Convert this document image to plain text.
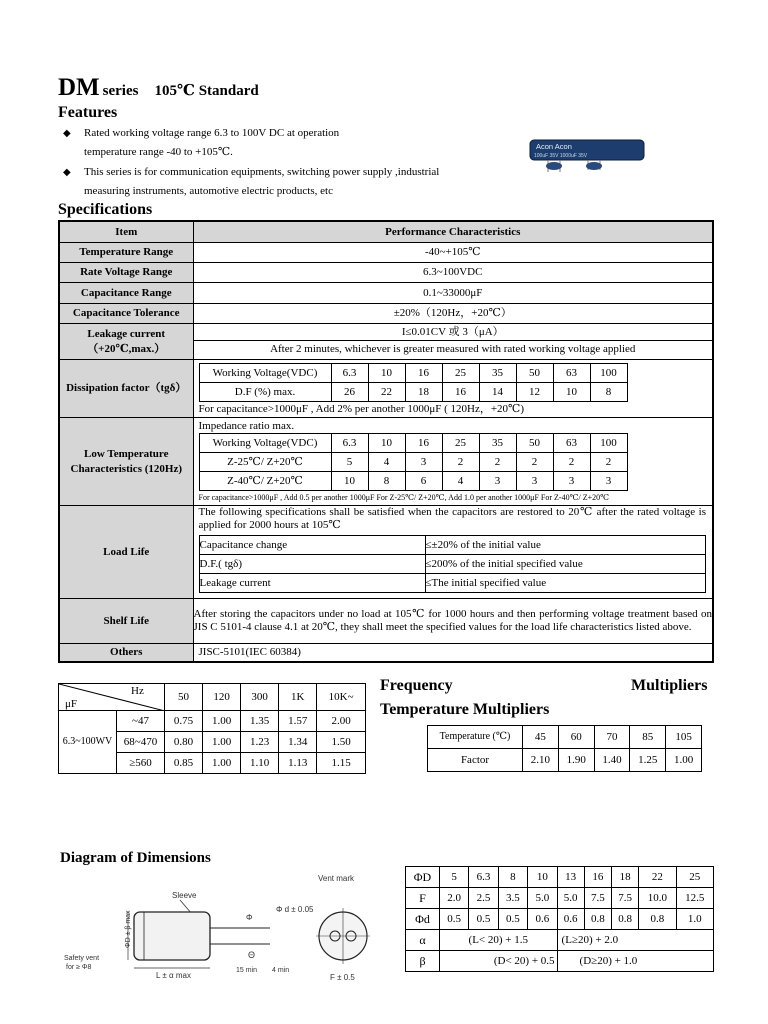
DM series 105℃ Standard
Features
◆ Rated working voltage range 6.3 to 100V DC at operation
temperature range -40 to +105℃.
◆ This series is for communication equipments, switching power supply ,industrial
measuring instruments, automotive electric products, etc
Acon Acon
100uF 35V 1000uF 35V
Specifications
Item	Performance Characteristics
Temperature Range	-40~+105℃
Rate Voltage Range	6.3~100VDC
Capacitance Range	0.1~33000μF
Capacitance Tolerance	±20%（120Hz，+20℃）

Leakage current
（+20℃,max.）

I≤0.01CV 或 3（μA）
After 2 minutes, whichever is greater measured with rated working voltage applied

Dissipation factor（tgδ）	
Working Voltage(VDC)	6.3	10	16	25	35	50	63	100
D.F (%) max.	26	22	18	16	14	12	10	8
For capacitance>1000μF , Add 2% per another 1000μF ( 120Hz，+20℃)

Low Temperature
Characteristics (120Hz)

Impedance ratio max.
Working Voltage(VDC)	6.3	10	16	25	35	50	63	100
Z-25℃/ Z+20℃	5	4	3	2	2	2	2	2
Z-40℃/ Z+20℃	10	8	6	4	3	3	3	3
For capacitance>1000μF , Add 0.5 per another 1000μF For Z-25℃/ Z+20℃, Add 1.0 per another 1000μF For Z-40℃/ Z+20℃

Load Life	
The following specifications shall be satisfied when the capacitors are restored to 20℃ after the rated voltage is applied for 2000 hours at 105℃
Capacitance change	≤±20% of the initial value
D.F.( tgδ)	≤200% of the initial specified value
Leakage current	≤The initial specified value

Shelf Life	After storing the capacitors under no load at 105℃ for 1000 hours and then performing voltage treatment based on JIS C 5101-4 clause 4.1 at 20℃, they shall meet the specified values for the load life characteristics listed above.
Others	JISC-5101(IEC 60384)
Frequency	Multipliers
Temperature Multipliers
Hz
μF		50	120	300	1K	10K~
6.3~100WV	~47	0.75	1.00	1.35	1.57	2.00
	68~470	0.80	1.00	1.23	1.34	1.50
	≥560	0.85	1.00	1.10	1.13	1.15
Temperature (℃)	45	60	70	85	105
Factor	2.10	1.90	1.40	1.25	1.00
Diagram of Dimensions
Vent mark
Sleeve
Φ
Φ d ± 0.05
Θ
ΦD ± β max
Safety vent
for ≥ Φ8
L ± α max
15 min 4 min
F ± 0.5
ΦD	5	6.3	8	10	13	16	18	22	25
F	2.0	2.5	3.5	5.0	5.0	7.5	7.5	10.0	12.5
Φd	0.5	0.5	0.5	0.6	0.6	0.8	0.8	0.8	1.0
α	(L< 20) + 1.5				(L≥20) + 2.0				
β	(D< 20) + 0.5				(D≥20) + 1.0				
